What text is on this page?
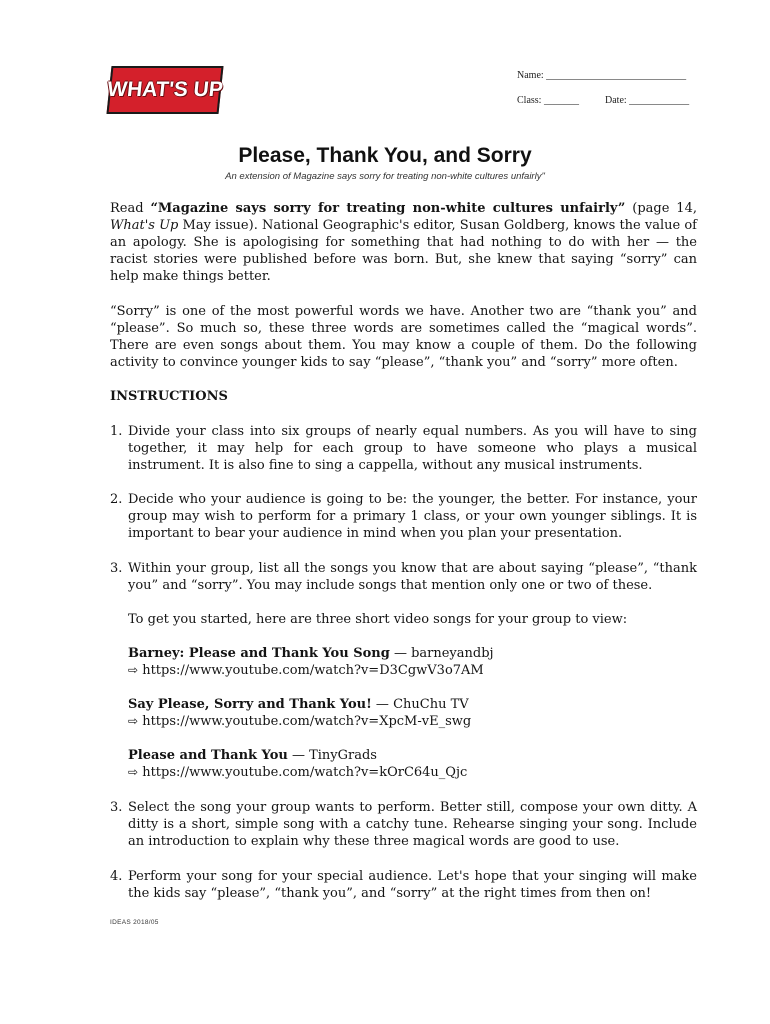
WHAT'S UP
Name: ____________________________
Class: _______	Date: ____________
Please, Thank You, and Sorry
An extension of Magazine says sorry for treating non-white cultures unfairly"

Read “Magazine says sorry for treating non-white cultures unfairly” (page 14, What's Up May issue). National Geographic's editor, Susan Goldberg, knows the value of an apology. She is apologising for something that had nothing to do with her — the racist stories were published before was born. But, she knew that saying “sorry” can help make things better.

“Sorry” is one of the most powerful words we have. Another two are “thank you” and “please”. So much so, these three words are sometimes called the “magical words”. There are even songs about them. You may know a couple of them. Do the following activity to convince younger kids to say “please”, “thank you” and “sorry” more often.

INSTRUCTIONS

1. Divide your class into six groups of nearly equal numbers. As you will have to sing together, it may help for each group to have someone who plays a musical instrument. It is also fine to sing a cappella, without any musical instruments.
2. Decide who your audience is going to be: the younger, the better. For instance, your group may wish to perform for a primary 1 class, or your own younger siblings. It is important to bear your audience in mind when you plan your presentation.
3. Within your group, list all the songs you know that are about saying “please”, “thank you” and “sorry”. You may include songs that mention only one or two of these.
To get you started, here are three short video songs for your group to view:
Barney: Please and Thank You Song — barneyandbj
⇨ https://www.youtube.com/watch?v=D3CgwV3o7AM
Say Please, Sorry and Thank You! — ChuChu TV
⇨ https://www.youtube.com/watch?v=XpcM-vE_swg
Please and Thank You — TinyGrads
⇨ https://www.youtube.com/watch?v=kOrC64u_Qjc
3. Select the song your group wants to perform. Better still, compose your own ditty. A ditty is a short, simple song with a catchy tune. Rehearse singing your song. Include an introduction to explain why these three magical words are good to use.
4. Perform your song for your special audience. Let's hope that your singing will make the kids say “please”, “thank you”, and “sorry” at the right times from then on!
IDEAS 2018/05
